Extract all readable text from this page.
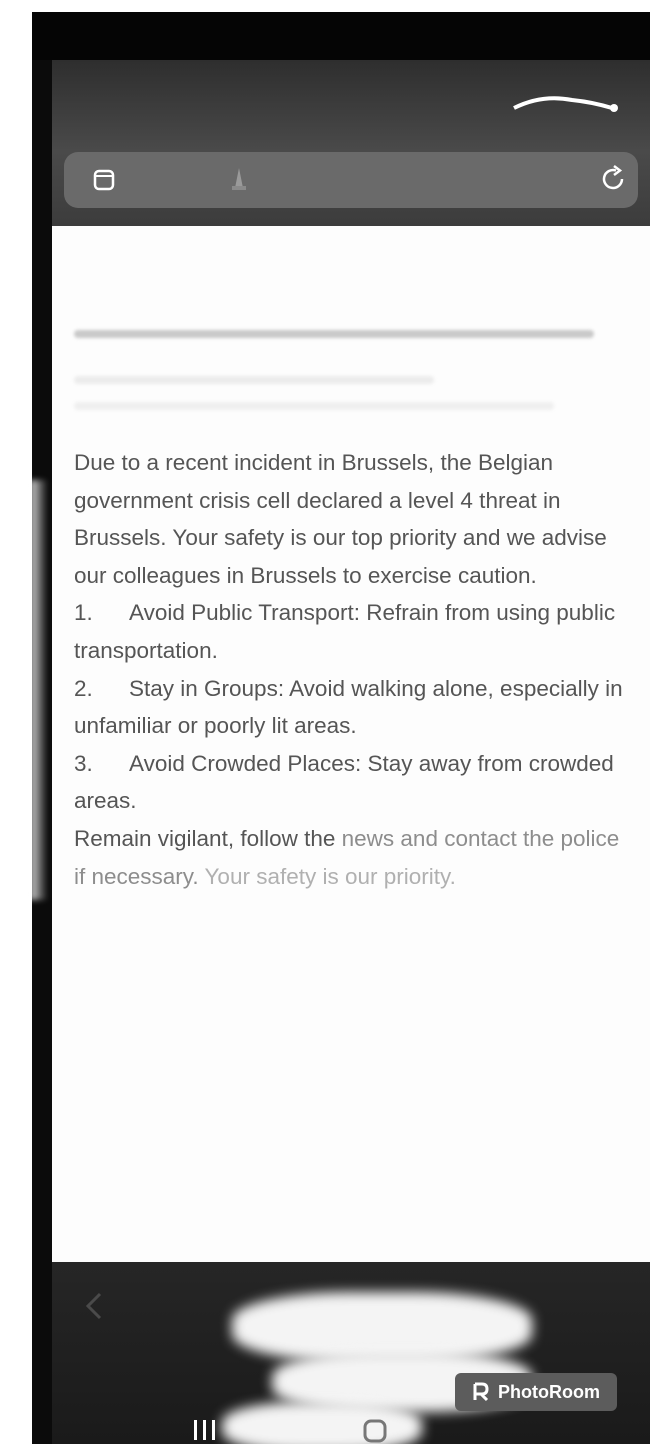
Due to a recent incident in Brussels, the Belgian government crisis cell declared a level 4 threat in Brussels. Your safety is our top priority and we advise our colleagues in Brussels to exercise caution.

1. Avoid Public Transport: Refrain from using public transportation.

2. Stay in Groups: Avoid walking alone, especially in unfamiliar or poorly lit areas.

3. Avoid Crowded Places: Stay away from crowded areas.

Remain vigilant, follow the news and contact the police if necessary. Your safety is our priority.

PhotoRoom
